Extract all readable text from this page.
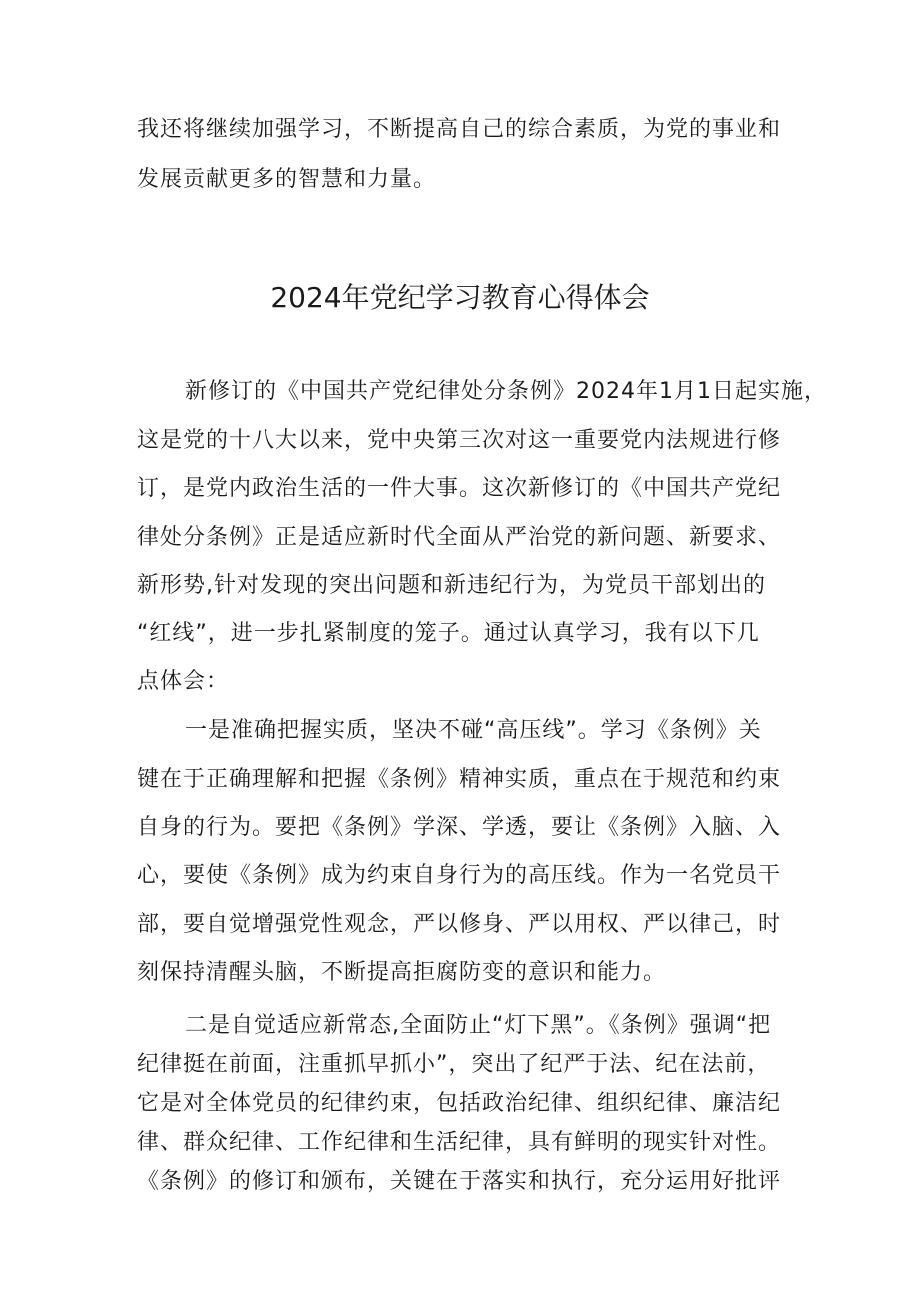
我还将继续加强学习，不断提高自己的综合素质，为党的事业和
发展贡献更多的智慧和力量。
2024年党纪学习教育心得体会
新修订的《中国共产党纪律处分条例》2024年1月1日起实施，
这是党的十八大以来，党中央第三次对这一重要党内法规进行修
订，是党内政治生活的一件大事。这次新修订的《中国共产党纪
律处分条例》正是适应新时代全面从严治党的新问题、新要求、
新形势,针对发现的突出问题和新违纪行为，为党员干部划出的
“红线”，进一步扎紧制度的笼子。通过认真学习，我有以下几
点体会：
一是准确把握实质，坚决不碰“高压线”。学习《条例》关
键在于正确理解和把握《条例》精神实质，重点在于规范和约束
自身的行为。要把《条例》学深、学透，要让《条例》入脑、入
心，要使《条例》成为约束自身行为的高压线。作为一名党员干
部，要自觉增强党性观念，严以修身、严以用权、严以律己，时
刻保持清醒头脑，不断提高拒腐防变的意识和能力。
二是自觉适应新常态,全面防止“灯下黑”。《条例》强调“把
纪律挺在前面，注重抓早抓小”，突出了纪严于法、纪在法前，
它是对全体党员的纪律约束，包括政治纪律、组织纪律、廉洁纪
律、群众纪律、工作纪律和生活纪律，具有鲜明的现实针对性。
《条例》的修订和颁布，关键在于落实和执行，充分运用好批评
